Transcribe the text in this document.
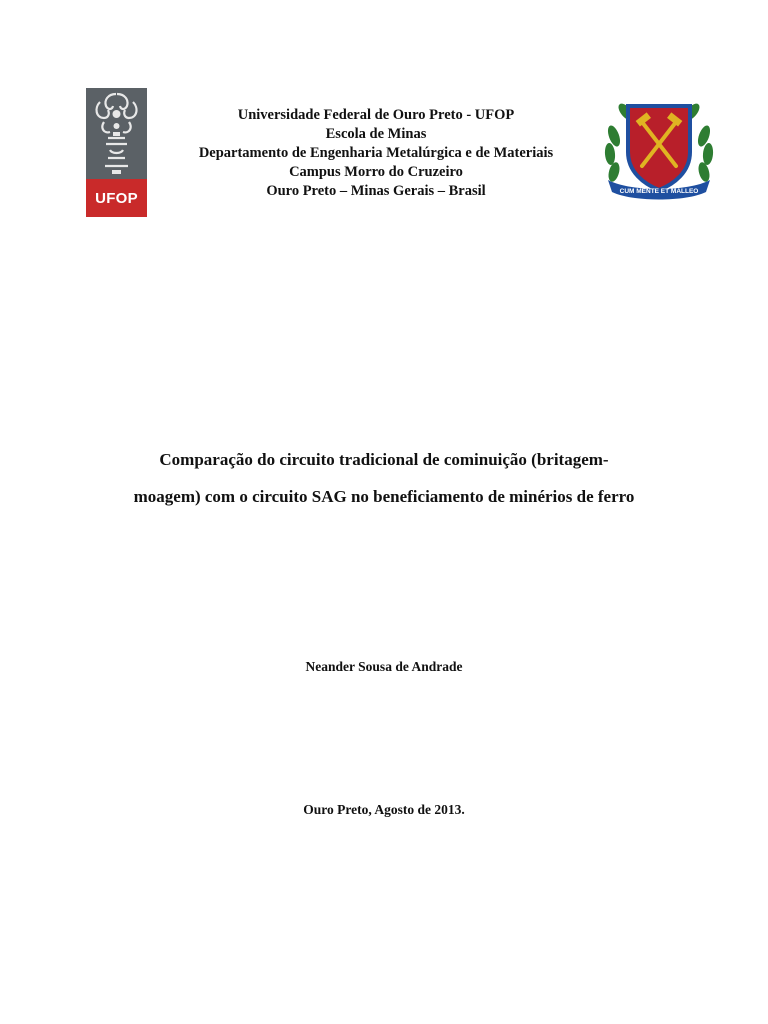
UFOP
Universidade Federal de Ouro Preto - UFOP
Escola de Minas
Departamento de Engenharia Metalúrgica e de Materiais
Campus Morro do Cruzeiro
Ouro Preto – Minas Gerais – Brasil	CUM MENTE ET MALLEO
Comparação do circuito tradicional de cominuição (britagem-
moagem) com o circuito SAG no beneficiamento de minérios de ferro
Neander Sousa de Andrade
Ouro Preto, Agosto de 2013.
